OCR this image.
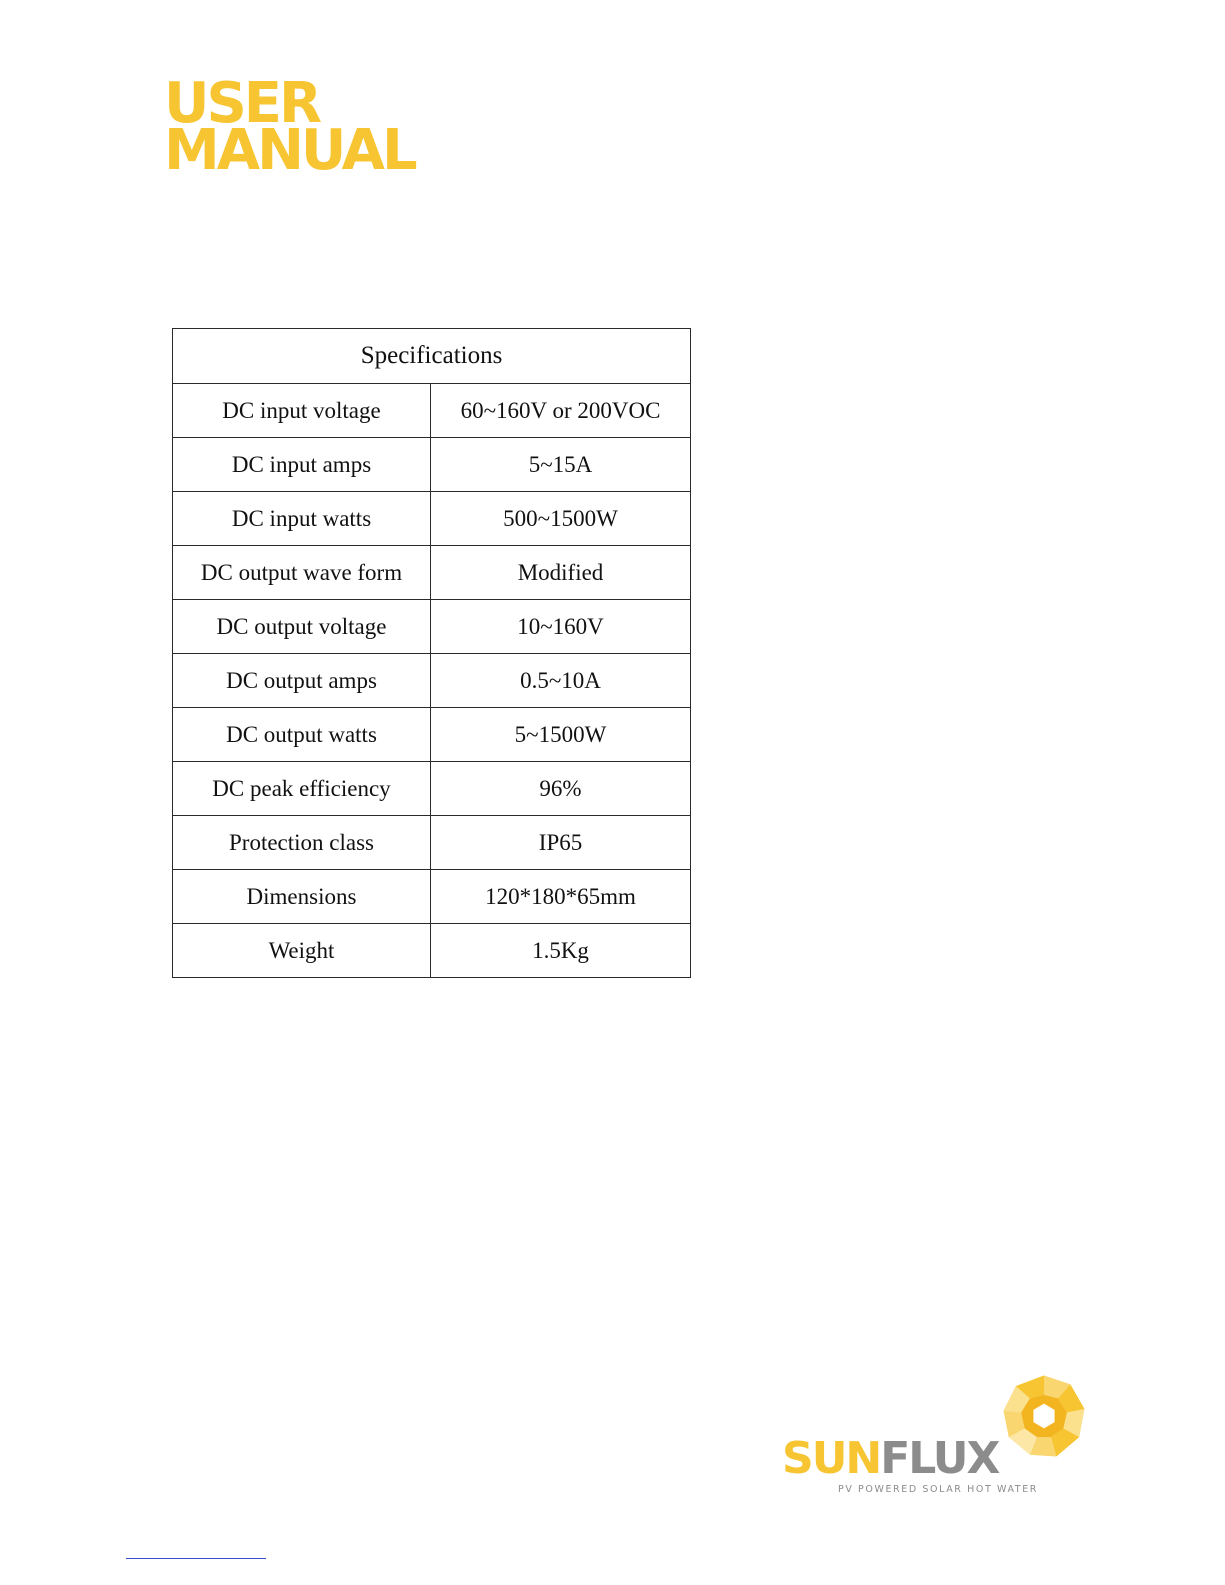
USER
MANUAL
Specifications	
DC input voltage	60~160V or 200VOC
DC input amps	5~15A
DC input watts	500~1500W
DC output wave form	Modified
DC output voltage	10~160V
DC output amps	0.5~10A
DC output watts	5~1500W
DC peak efficiency	96%
Protection class	IP65
Dimensions	120*180*65mm
Weight	1.5Kg
SUNFLUX
PV POWERED SOLAR HOT WATER
